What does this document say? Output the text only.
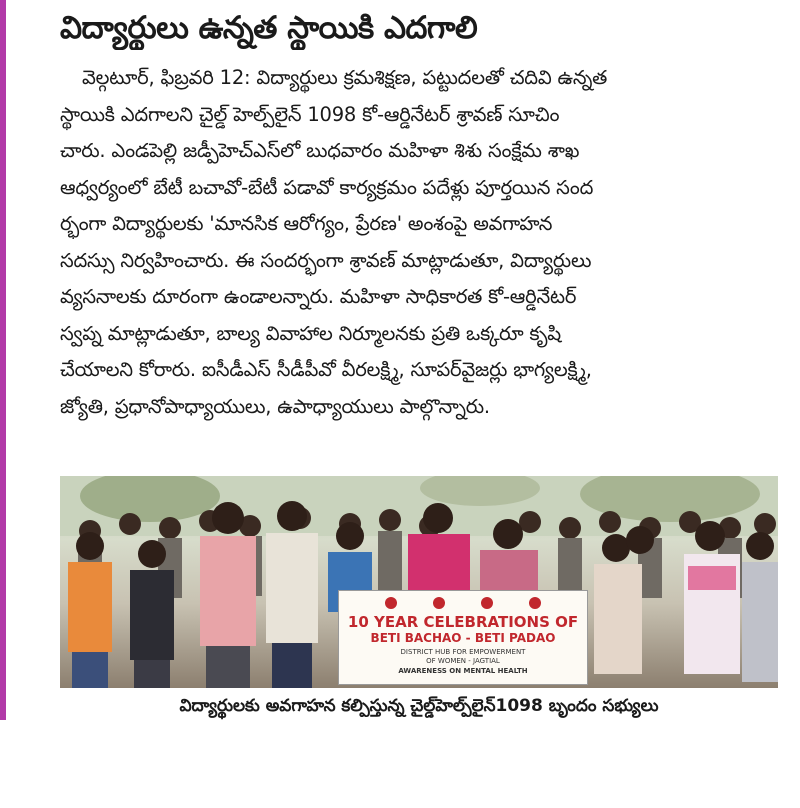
విద్యార్థులు ఉన్నత స్థాయికి ఎదగాలి
వెల్గటూర్, ఫిబ్రవరి 12: విద్యార్థులు క్రమశిక్షణ, పట్టుదలతో చదివి ఉన్నత
స్థాయికి ఎదగాలని చైల్డ్ హెల్ప్‌లైన్ 1098 కో-ఆర్డినేటర్ శ్రావణ్ సూచిం
చారు. ఎండపెల్లి జడ్పీహెచ్ఎస్‌లో బుధవారం మహిళా శిశు సంక్షేమ శాఖ
ఆధ్వర్యంలో బేటీ బచావో-బేటీ పడావో కార్యక్రమం పదేళ్లు పూర్తయిన సంద
ర్భంగా విద్యార్థులకు 'మానసిక ఆరోగ్యం, ప్రేరణ' అంశంపై అవగాహన
సదస్సు నిర్వహించారు. ఈ సందర్భంగా శ్రావణ్ మాట్లాడుతూ, విద్యార్థులు
వ్యసనాలకు దూరంగా ఉండాలన్నారు. మహిళా సాధికారత కో-ఆర్డినేటర్
స్వప్న మాట్లాడుతూ, బాల్య వివాహాల నిర్మూలనకు ప్రతి ఒక్కరూ కృషి
చేయాలని కోరారు. ఐసీడీఎస్ సీడీపీవో వీరలక్ష్మి, సూపర్‌వైజర్లు భాగ్యలక్ష్మి,
జ్యోతి, ప్రధానోపాధ్యాయులు, ఉపాధ్యాయులు పాల్గొన్నారు.
10 YEAR CELEBRATIONS OF
BETI BACHAO - BETI PADAO
DISTRICT HUB FOR EMPOWERMENT
OF WOMEN - JAGTIAL
AWARENESS ON MENTAL HEALTH
విద్యార్థులకు అవగాహన కల్పిస్తున్న చైల్డ్‌హెల్ప్‌లైన్1098 బృందం సభ్యులు
